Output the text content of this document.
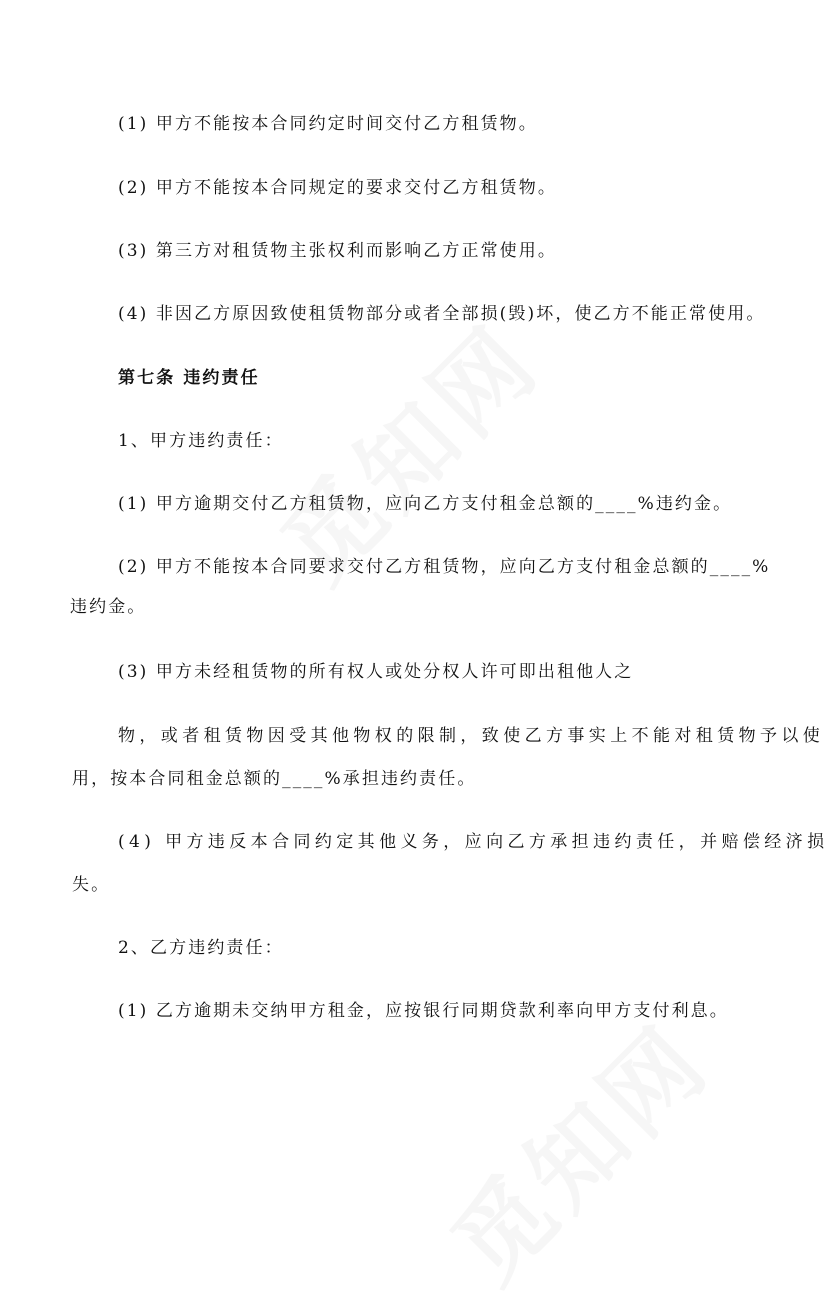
(1) 甲方不能按本合同约定时间交付乙方租赁物。
(2) 甲方不能按本合同规定的要求交付乙方租赁物。
(3) 第三方对租赁物主张权利而影响乙方正常使用。
(4) 非因乙方原因致使租赁物部分或者全部损(毁)坏，使乙方不能正常使用。
第七条 违约责任
1、甲方违约责任：
(1) 甲方逾期交付乙方租赁物，应向乙方支付租金总额的____%违约金。
(2) 甲方不能按本合同要求交付乙方租赁物，应向乙方支付租金总额的____%
违约金。
(3) 甲方未经租赁物的所有权人或处分权人许可即出租他人之
物，或者租赁物因受其他物权的限制，致使乙方事实上不能对租赁物予以使
用，按本合同租金总额的____%承担违约责任。
(4) 甲方违反本合同约定其他义务，应向乙方承担违约责任，并赔偿经济损
失。
2、乙方违约责任：
(1) 乙方逾期未交纳甲方租金，应按银行同期贷款利率向甲方支付利息。
